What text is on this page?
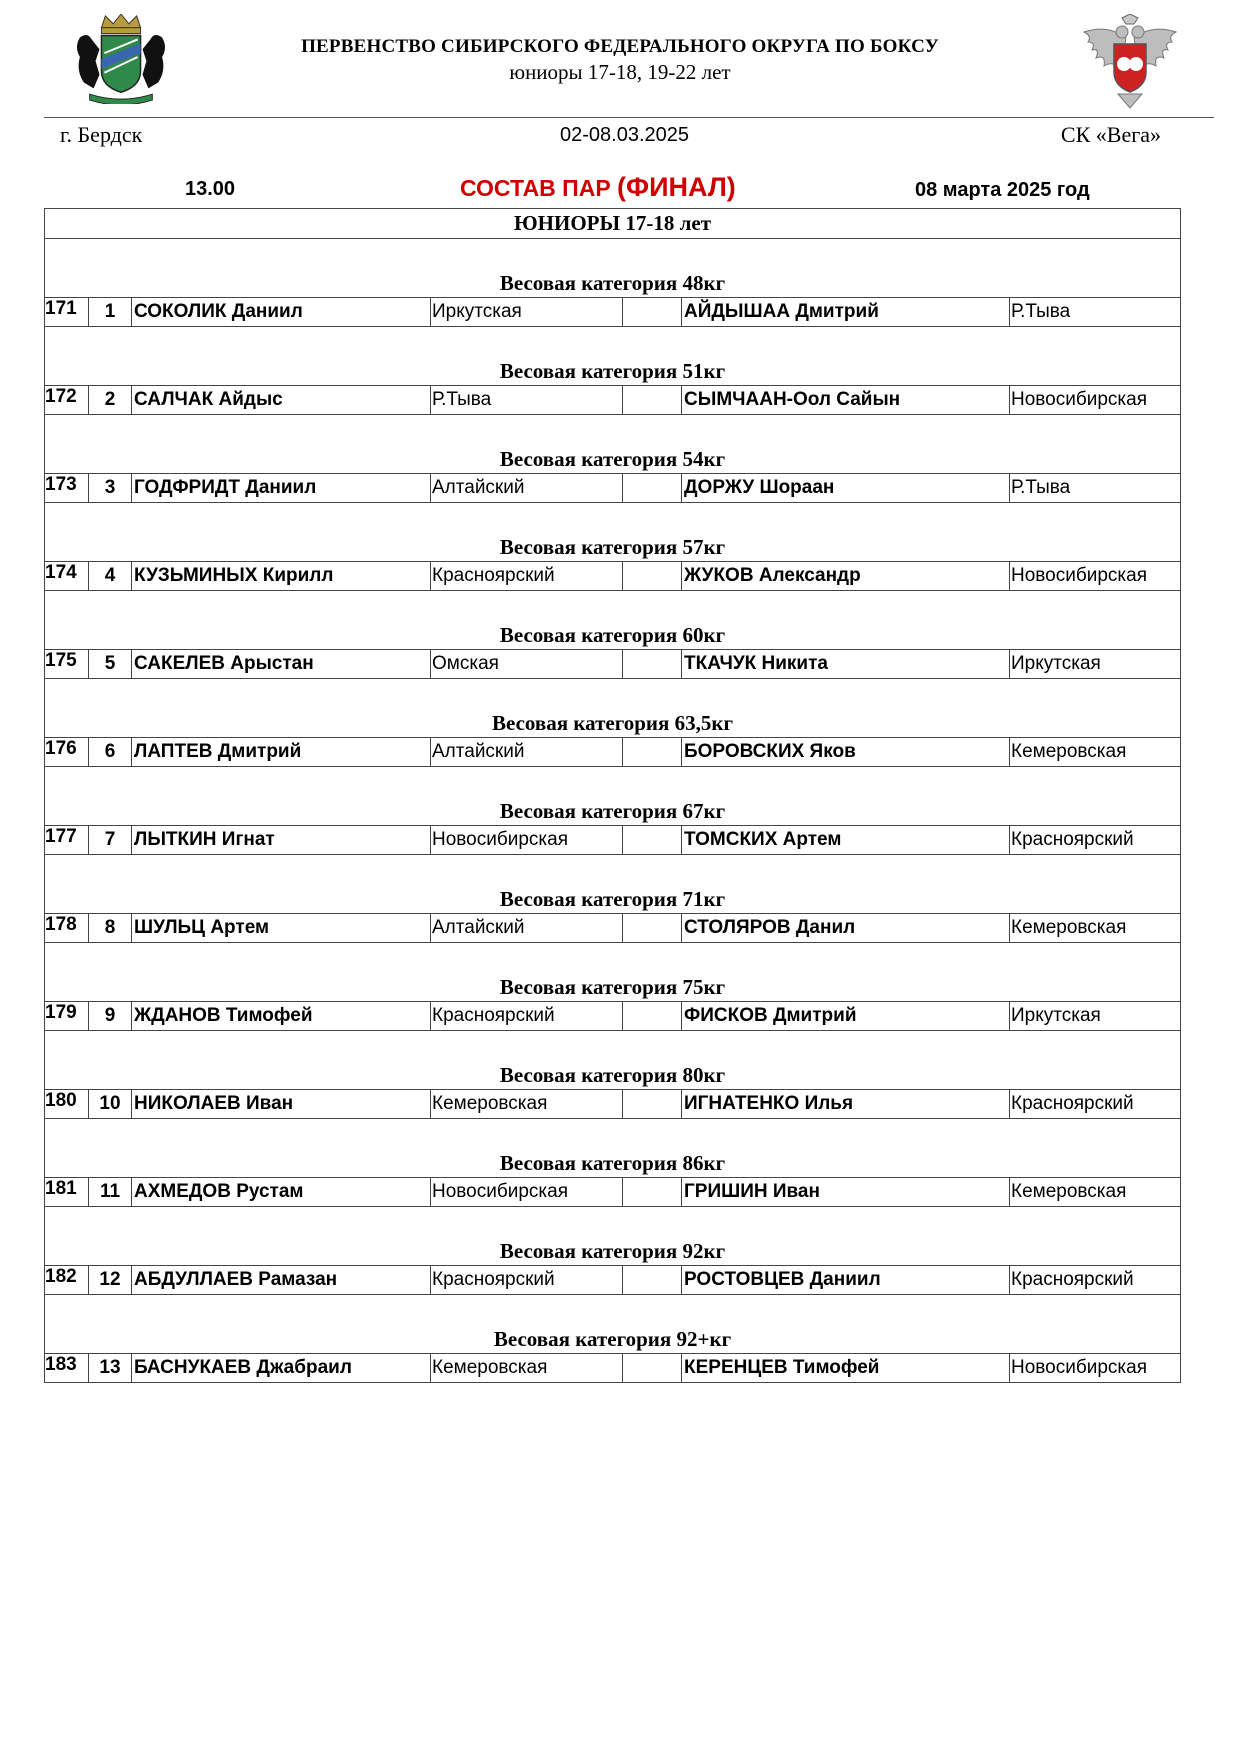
ПЕРВЕНСТВО СИБИРСКОГО ФЕДЕРАЛЬНОГО ОКРУГА ПО БОКСУ
юниоры 17-18, 19-22 лет
г. Бердск	02-08.03.2025	СК «Вега»
13.00	СОСТАВ ПАР (ФИНАЛ)	08 марта 2025 год
ЮНИОРЫ 17-18 лет						
Весовая категория 48кг						
171	1	СОКОЛИК Даниил	Иркутская		АЙДЫШАА Дмитрий	Р.Тыва
Весовая категория 51кг						
172	2	САЛЧАК Айдыс	Р.Тыва		СЫМЧААН-Оол Сайын	Новосибирская
Весовая категория 54кг						
173	3	ГОДФРИДТ Даниил	Алтайский		ДОРЖУ Шораан	Р.Тыва
Весовая категория 57кг						
174	4	КУЗЬМИНЫХ Кирилл	Красноярский		ЖУКОВ Александр	Новосибирская
Весовая категория 60кг						
175	5	САКЕЛЕВ Арыстан	Омская		ТКАЧУК Никита	Иркутская
Весовая категория 63,5кг						
176	6	ЛАПТЕВ Дмитрий	Алтайский		БОРОВСКИХ Яков	Кемеровская
Весовая категория 67кг						
177	7	ЛЫТКИН Игнат	Новосибирская		ТОМСКИХ Артем	Красноярский
Весовая категория 71кг						
178	8	ШУЛЬЦ Артем	Алтайский		СТОЛЯРОВ Данил	Кемеровская
Весовая категория 75кг						
179	9	ЖДАНОВ Тимофей	Красноярский		ФИСКОВ Дмитрий	Иркутская
Весовая категория 80кг						
180	10	НИКОЛАЕВ Иван	Кемеровская		ИГНАТЕНКО Илья	Красноярский
Весовая категория 86кг						
181	11	АХМЕДОВ Рустам	Новосибирская		ГРИШИН Иван	Кемеровская
Весовая категория 92кг						
182	12	АБДУЛЛАЕВ Рамазан	Красноярский		РОСТОВЦЕВ Даниил	Красноярский
Весовая категория 92+кг						
183	13	БАСНУКАЕВ Джабраил	Кемеровская		КЕРЕНЦЕВ Тимофей	Новосибирская
